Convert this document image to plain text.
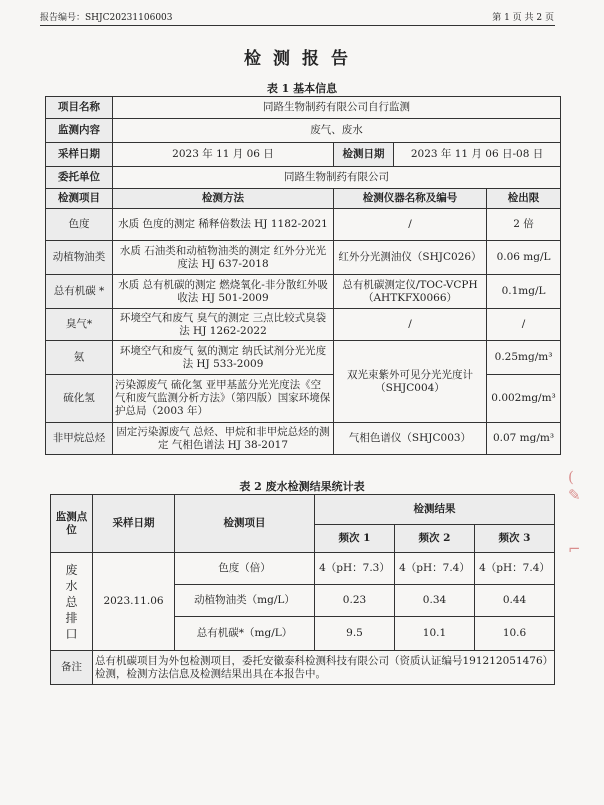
报告编号：SHJC20231106003	第 1 页 共 2 页
检测报告
表 1 基本信息
项目名称	同路生物制药有限公司自行监测			
监测内容	废气、废水			
采样日期	2023 年 11 月 06 日	检测日期	2023 年 11 月 06 日-08 日	
委托单位	同路生物制药有限公司			
检测项目	检测方法	检测仪器名称及编号		检出限
色度	水质 色度的测定 稀释倍数法 HJ 1182-2021	/		2 倍
动植物油类	水质 石油类和动植物油类的测定 红外分光光度法 HJ 637-2018	红外分光测油仪（SHJC026）		0.06 mg/L
总有机碳 *	水质 总有机碳的测定 燃烧氧化-非分散红外吸收法 HJ 501-2009	总有机碳测定仪/TOC-VCPH（AHTKFX0066）		0.1mg/L
臭气*	环境空气和废气 臭气的测定 三点比较式臭袋法 HJ 1262-2022	/		/
氨	环境空气和废气 氨的测定 纳氏试剂分光光度法 HJ 533-2009	双光束紫外可见分光光度计（SHJC004）		0.25mg/m³
硫化氢	污染源废气 硫化氢 亚甲基蓝分光光度法《空气和废气监测分析方法》（第四版）国家环境保护总局（2003 年）			0.002mg/m³
非甲烷总烃	固定污染源废气 总烃、甲烷和非甲烷总烃的测定 气相色谱法 HJ 38-2017	气相色谱仪（SHJC003）		0.07 mg/m³
表 2 废水检测结果统计表
监测点位	采样日期	检测项目	检测结果		
			频次 1	频次 2	频次 3
废水总排口	2023.11.06	色度（倍）	4（pH：7.3）	4（pH：7.4）	4（pH：7.4）
		动植物油类（mg/L）	0.23	0.34	0.44
		总有机碳*（mg/L）	9.5	10.1	10.6
备注	总有机碳项目为外包检测项目，委托安徽泰科检测科技有限公司（资质认证编号191212051476）检测，检测方法信息及检测结果出具在本报告中。				
(
✎
⌐
